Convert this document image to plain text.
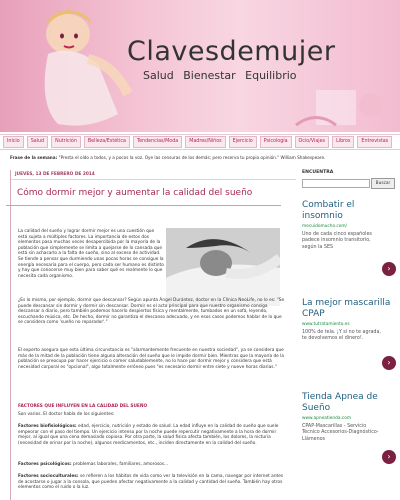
Clavesdemujer
Salud Bienestar Equilibrio
Inicio	Salud	Nutrición	Belleza/Estética	Tendencias/Moda	Madres/Niños	Ejercicio	Psicología	Ocio/Viajes	Libros	Entrevistas
Frase de la semana: "Presta el oído a todos, y a pocos la voz. Oye las censuras de los demás; pero reserva tu propia opinión." William Shakespeare.
JUEVES, 13 DE FEBRERO DE 2014
Cómo dormir mejor y aumentar la calidad del sueño

La calidad del sueño y lograr dormir mejor es una cuestión que está sujeta a múltiples factores. La importancia de estos dos elementos pasa muchas veces desapercibida por la mayoría de la población que simplemente se limita a quejarse de lo cansada que está sin achacarlo a la falta de sueño, sino al exceso de actividad. Se tiende a pensar que durmiendo unas pocas horas se consigue la energía necesaria para el cuerpo, pero cada ser humano es distinto y hay que conocerse muy bien para saber qué es realmente lo que necesita cada organismo.

¿Es lo mismo, por ejemplo, dormir que descansar? Según apunta Ángel Durántez, doctor en la Clínica NeoLife, no lo es: "Se puede descansar sin dormir y dormir sin descansar. Dormir es el acto principal para que nuestro organismo consiga descansar a diario, pero también podemos hacerlo despiertos física y mentalmente, tumbados en un sofá, leyendo, escuchando música, etc. De hecho, dormir no garantiza el descanso adecuado, y en esos casos podemos hablar de lo que se considera como 'sueño no reparador'."

El experto asegura que esta última circunstancia es "alarmantemente frecuente en nuestra sociedad", ya se considera que más de la mitad de la población tiene alguna alteración del sueño que le impide dormir bien. Mientras que la mayoría de la población se preocupa por hacer ejercicio o comer saludablemente, no lo hace por dormir mejor y considera que está necesidad corporal es "opcional", algo totalmente erróneo pues "es necesario dormir entre siete y nueve horas diarias."

FACTORES QUE INFLUYEN EN LA CALIDAD DEL SUEÑO

Son varios. El doctor habla de los siguientes:

Factores biofisiológicos: edad, ejercicio, nutrición y estado de salud. La edad influye en la calidad de sueño que suele empeorar con el paso del tiempo. Un ejercicio intenso por la noche puede repercutir negativamente a la hora de dormir mejor, al igual que una cena demasiado copiosa. Por otra parte, la salud física afecta también, los dolores, la nicturia (necesidad de orinar por la noche), algunos medicamentos, etc., inciden directamente en la calidad del sueño.

Factores psicológicos: problemas laborales, familiares, amorosos...

Factores socioculturales: se refieren a los hábitos de vida como ver la televisión en la cama, navegar por internet antes de acostarse o jugar a la consola, que pueden afectar negativamente a la calidad y cantidad del sueño. También hay otros elementos como el ruido o la luz.

ENCUENTRA
Buscar
Combatir el insomnio
mecuidomucho.com/
Uno de cada cinco españoles padece insomnio transitorio, según la SES
›
La mejor mascarilla CPAP
www.tutratamiento.es
100% de tela. ¡Y si no te agrada, te devolvemos el dinero!.
›
Tienda Apnea de Sueño
www.apneatienda.com
CPAP-Mascarillas - Servicio Técnico Accesorios-Diagnóstico-Llámenos
›
